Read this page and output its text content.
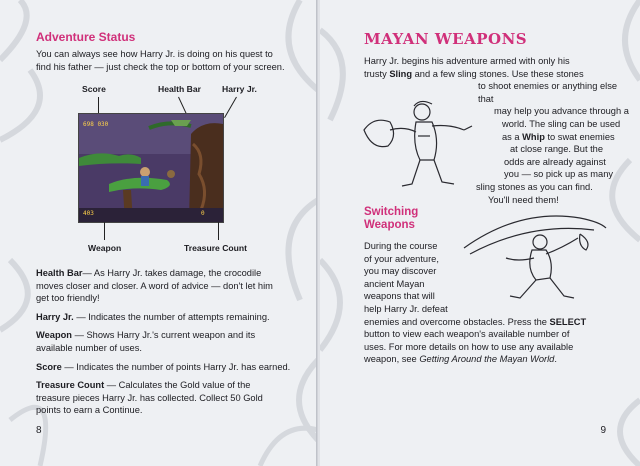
Adventure Status
You can always see how Harry Jr. is doing on his quest to
find his father — just check the top or bottom of your screen.
Score	Health Bar Harry Jr.
698 030
403	0
Weapon	Treasure Count
Health Bar— As Harry Jr. takes damage, the crocodile
moves closer and closer. A word of advice — don't let him
get too friendly!
Harry Jr. — Indicates the number of attempts remaining.
Weapon — Shows Harry Jr.'s current weapon and its
available number of uses.
Score — Indicates the number of points Harry Jr. has earned.
Treasure Count — Calculates the Gold value of the
treasure pieces Harry Jr. has collected. Collect 50 Gold
points to earn a Continue.
8
MAYAN WEAPONS
Harry Jr. begins his adventure armed with only his
trusty Sling and a few sling stones. Use these stones
to shoot enemies or anything else that
may help you advance through a
world. The sling can be used
as a Whip to swat enemies
at close range. But the
odds are already against
you — so pick up as many
sling stones as you can find.
You'll need them!
Switching
Weapons
During the course
of your adventure,
you may discover
ancient Mayan
weapons that will
help Harry Jr. defeat
enemies and overcome obstacles. Press the SELECT
button to view each weapon's available number of
uses. For more details on how to use any available
weapon, see Getting Around the Mayan World.
9
